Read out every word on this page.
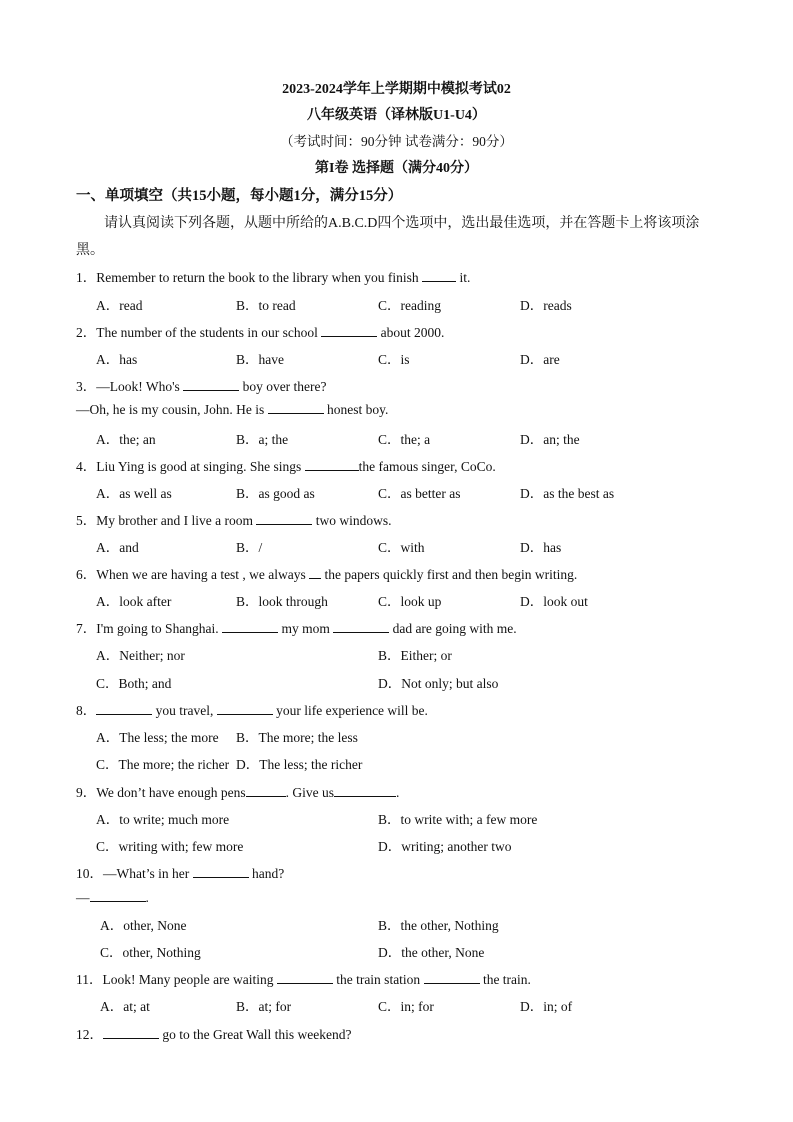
2023-2024学年上学期期中模拟考试02
八年级英语（译林版U1-U4）
（考试时间：90分钟 试卷满分：90分）
第I卷 选择题（满分40分）
一、单项填空（共15小题，每小题1分，满分15分）
请认真阅读下列各题，从题中所给的A.B.C.D四个选项中，选出最佳选项，并在答题卡上将该项涂黑。
1．Remember to return the book to the library when you finish	it.
A．read	B．to read	C．reading	D．reads
2．The number of the students in our school	about 2000.
A．has	B．have	C．is	D．are
3．—Look! Who's	boy over there?
—Oh, he is my cousin, John. He is	honest boy.
A．the; an	B．a; the	C．the; a	D．an; the
4．Liu Ying is good at singing. She sings	the famous singer, CoCo.
A．as well as	B．as good as	C．as better as	D．as the best as
5．My brother and I live a room	two windows.
A．and	B．/	C．with	D．has
6．When we are having a test , we always  the papers quickly first and then begin writing.
A．look after	B．look through	C．look up	D．look out
7．I'm going to Shanghai.	my mom	dad are going with me.
A．Neither; nor	B．Either; or
C．Both; and	D．Not only; but also
8．	you travel,	your life experience will be.
A．The less; the more B．The more; the less
C．The more; the richer D．The less; the richer
9．We don’t have enough pens	. Give us	.
A．to write; much more	B．to write with; a few more
C．writing with; few more	D．writing; another two
10．—What’s in her	hand?
—	.
A．other, None	B．the other, Nothing
C．other, Nothing	D．the other, None
11．Look! Many people are waiting	the train station	the train.
A．at; at	B．at; for	C．in; for	D．in; of
12．	go to the Great Wall this weekend?
